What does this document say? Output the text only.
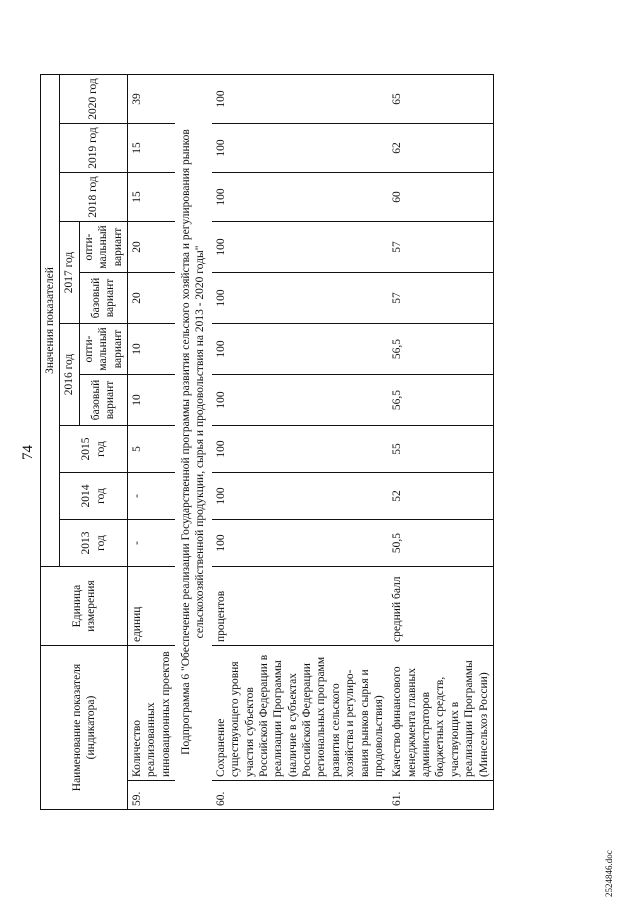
74
Наименование показателя (индикатора)		Единица измерения	Значения показателей									
			2013 год	2014 год	2015 год	2016 год		2017 год		2018 год	2019 год	2020 год
						базовый вариант	опти-мальный вариант	базовый вариант	опти-мальный вариант			
59.	Количество реализованных инновационных проектов	единиц	-	-	5	10	10	20	20	15	15	39
Подпрограмма 6 "Обеспечение реализации Государственной программы развития сельского хозяйства и регулирования рынков сельскохозяйственной продукции, сырья и продовольствия на 2013 - 2020 годы"												
60.	Сохранение существующего уровня участия субъектов Российской Федерации в реализации Программы (наличие в субъектах Российской Федерации региональных программ развития сельского хозяйства и регулиро-вания рынков сырья и продовольствия)	процентов	100	100	100	100	100	100	100	100	100	100
61.	Качество финансового менеджмента главных администраторов бюджетных средств, участвующих в реализации Программы (Минсельхоз России)	средний балл	50,5	52	55	56,5	56,5	57	57	60	62	65
2524846.doc
